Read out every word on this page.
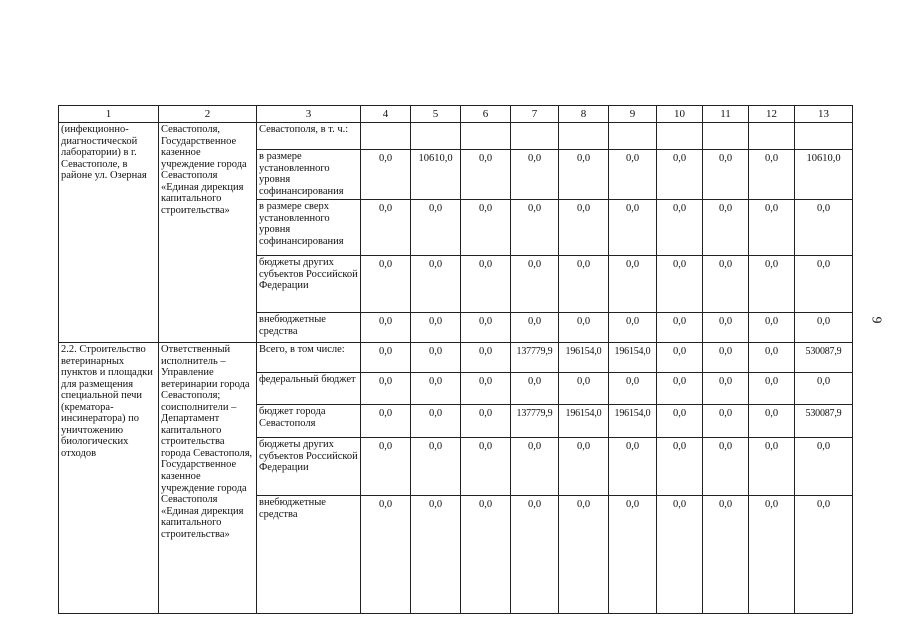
1	2	3	4	5	6	7	8	9	10	11	12	13
(инфекционно-диагностической лаборатории) в г. Севастополе, в районе ул. Озерная	Севастополя, Государственное казенное учреждение города Севастополя «Единая дирекция капитального строительства»	Севастополя, в т. ч.:										
		в размере установленного уровня софинансирования	0,0	10610,0	0,0	0,0	0,0	0,0	0,0	0,0	0,0	10610,0
		в размере сверх установленного уровня софинансирования	0,0	0,0	0,0	0,0	0,0	0,0	0,0	0,0	0,0	0,0
		бюджеты других субъектов Российской Федерации	0,0	0,0	0,0	0,0	0,0	0,0	0,0	0,0	0,0	0,0
		внебюджетные средства	0,0	0,0	0,0	0,0	0,0	0,0	0,0	0,0	0,0	0,0
2.2. Строительство ветеринарных пунктов и площадки для размещения специальной печи (крематора-инсинератора) по уничтожению биологических отходов	Ответственный исполнитель – Управление ветеринарии города Севастополя; соисполнители – Департамент капитального строительства города Севастополя, Государственное казенное учреждение города Севастополя «Единая дирекция капитального строительства»	Всего, в том числе:	0,0	0,0	0,0	137779,9	196154,0	196154,0	0,0	0,0	0,0	530087,9
		федеральный бюджет	0,0	0,0	0,0	0,0	0,0	0,0	0,0	0,0	0,0	0,0
		бюджет города Севастополя	0,0	0,0	0,0	137779,9	196154,0	196154,0	0,0	0,0	0,0	530087,9
		бюджеты других субъектов Российской Федерации	0,0	0,0	0,0	0,0	0,0	0,0	0,0	0,0	0,0	0,0
		внебюджетные средства	0,0	0,0	0,0	0,0	0,0	0,0	0,0	0,0	0,0	0,0
9
